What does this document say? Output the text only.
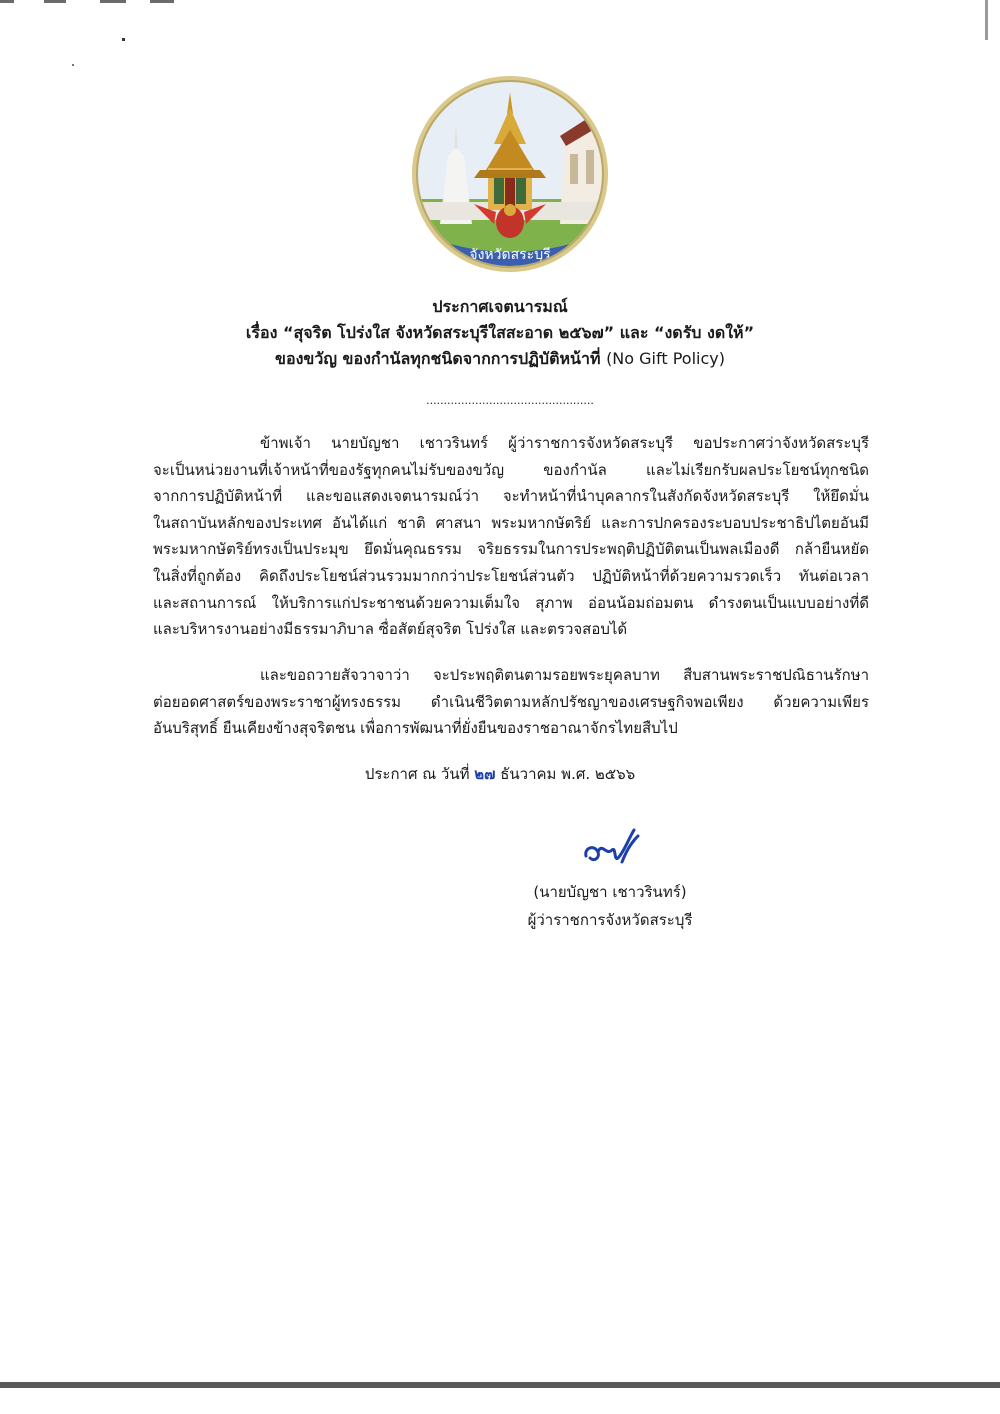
จังหวัดสระบุรี
ประกาศเจตนารมณ์
เรื่อง “สุจริต โปร่งใส จังหวัดสระบุรีใสสะอาด ๒๕๖๗” และ “งดรับ งดให้”
ของขวัญ ของกำนัลทุกชนิดจากการปฏิบัติหน้าที่ (No Gift Policy)
................................................
ข้าพเจ้า นายบัญชา เชาวรินทร์ ผู้ว่าราชการจังหวัดสระบุรี ขอประกาศว่าจังหวัดสระบุรี
จะเป็นหน่วยงานที่เจ้าหน้าที่ของรัฐทุกคนไม่รับของขวัญ ของกำนัล และไม่เรียกรับผลประโยชน์ทุกชนิด
จากการปฏิบัติหน้าที่ และขอแสดงเจตนารมณ์ว่า จะทำหน้าที่นำบุคลากรในสังกัดจังหวัดสระบุรี ให้ยึดมั่น
ในสถาบันหลักของประเทศ อันได้แก่ ชาติ ศาสนา พระมหากษัตริย์ และการปกครองระบอบประชาธิปไตยอันมี
พระมหากษัตริย์ทรงเป็นประมุข ยึดมั่นคุณธรรม จริยธรรมในการประพฤติปฏิบัติตนเป็นพลเมืองดี กล้ายืนหยัด
ในสิ่งที่ถูกต้อง คิดถึงประโยชน์ส่วนรวมมากกว่าประโยชน์ส่วนตัว ปฏิบัติหน้าที่ด้วยความรวดเร็ว ทันต่อเวลา
และสถานการณ์ ให้บริการแก่ประชาชนด้วยความเต็มใจ สุภาพ อ่อนน้อมถ่อมตน ดำรงตนเป็นแบบอย่างที่ดี
และบริหารงานอย่างมีธรรมาภิบาล ซื่อสัตย์สุจริต โปร่งใส และตรวจสอบได้
และขอถวายสัจวาจาว่า จะประพฤติตนตามรอยพระยุคลบาท สืบสานพระราชปณิธานรักษา
ต่อยอดศาสตร์ของพระราชาผู้ทรงธรรม ดำเนินชีวิตตามหลักปรัชญาของเศรษฐกิจพอเพียง ด้วยความเพียร
อันบริสุทธิ์ ยืนเคียงข้างสุจริตชน เพื่อการพัฒนาที่ยั่งยืนของราชอาณาจักรไทยสืบไป
ประกาศ ณ วันที่ ๒๗ ธันวาคม พ.ศ. ๒๕๖๖
(นายบัญชา เชาวรินทร์)
ผู้ว่าราชการจังหวัดสระบุรี
